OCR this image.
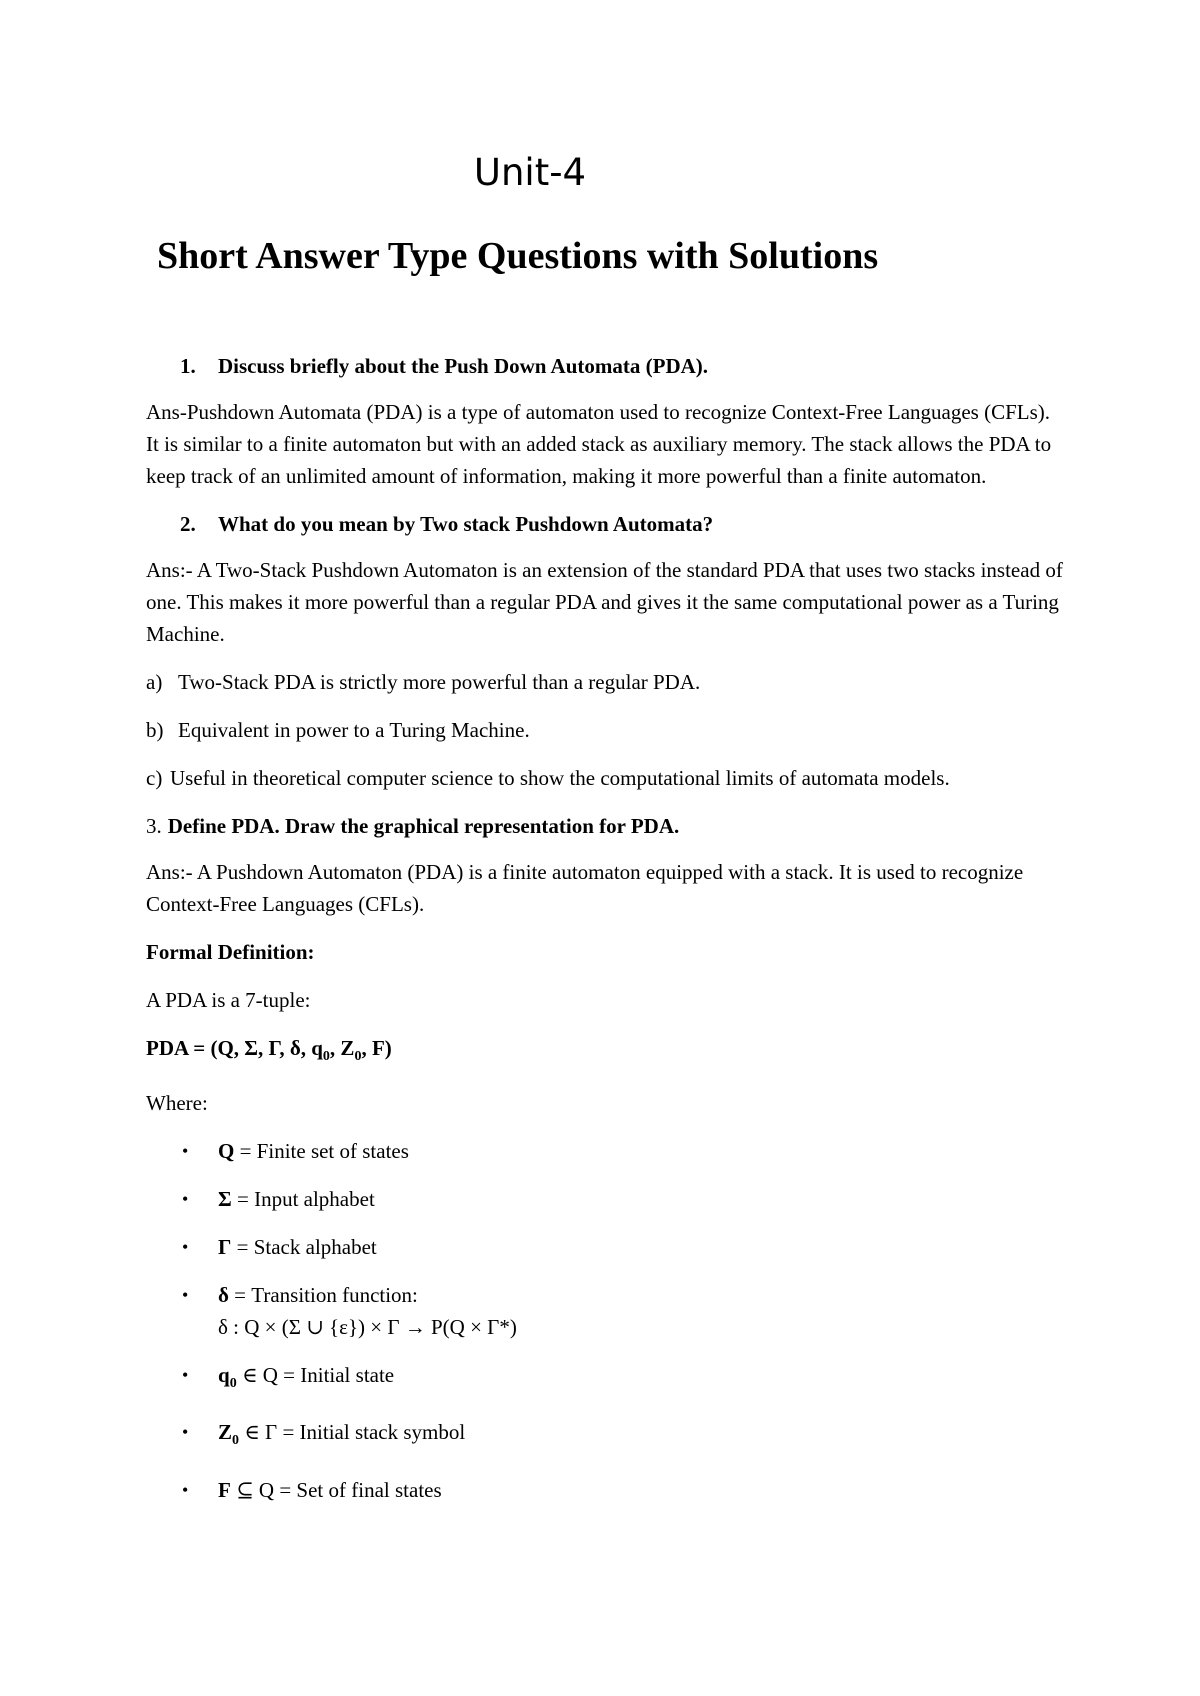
Unit-4
Short Answer Type Questions with Solutions
1.	Discuss briefly about the Push Down Automata (PDA).

Ans-Pushdown Automata (PDA) is a type of automaton used to recognize Context-Free Languages (CFLs). It is similar to a finite automaton but with an added stack as auxiliary memory. The stack allows the PDA to keep track of an unlimited amount of information, making it more powerful than a finite automaton.

2.	What do you mean by Two stack Pushdown Automata?

Ans:- A Two-Stack Pushdown Automaton is an extension of the standard PDA that uses two stacks instead of one. This makes it more powerful than a regular PDA and gives it the same computational power as a Turing Machine.

a) Two-Stack PDA is strictly more powerful than a regular PDA.
b) Equivalent in power to a Turing Machine.
c) Useful in theoretical computer science to show the computational limits of automata models.
3. Define PDA. Draw the graphical representation for PDA.

Ans:- A Pushdown Automaton (PDA) is a finite automaton equipped with a stack. It is used to recognize Context-Free Languages (CFLs).

Formal Definition:

A PDA is a 7-tuple:

PDA = (Q, Σ, Γ, δ, $q_0$, $Z_0$, F)

Where:

• Q = Finite set of states
• Σ = Input alphabet
• Γ = Stack alphabet
• δ = Transition function:
δ : Q × (Σ ∪ {ε}) × Γ → P(Q × Γ*)
• $q_0$ ∈ Q = Initial state
• $Z_0$ ∈ Γ = Initial stack symbol
• F ⊆ Q = Set of final states
